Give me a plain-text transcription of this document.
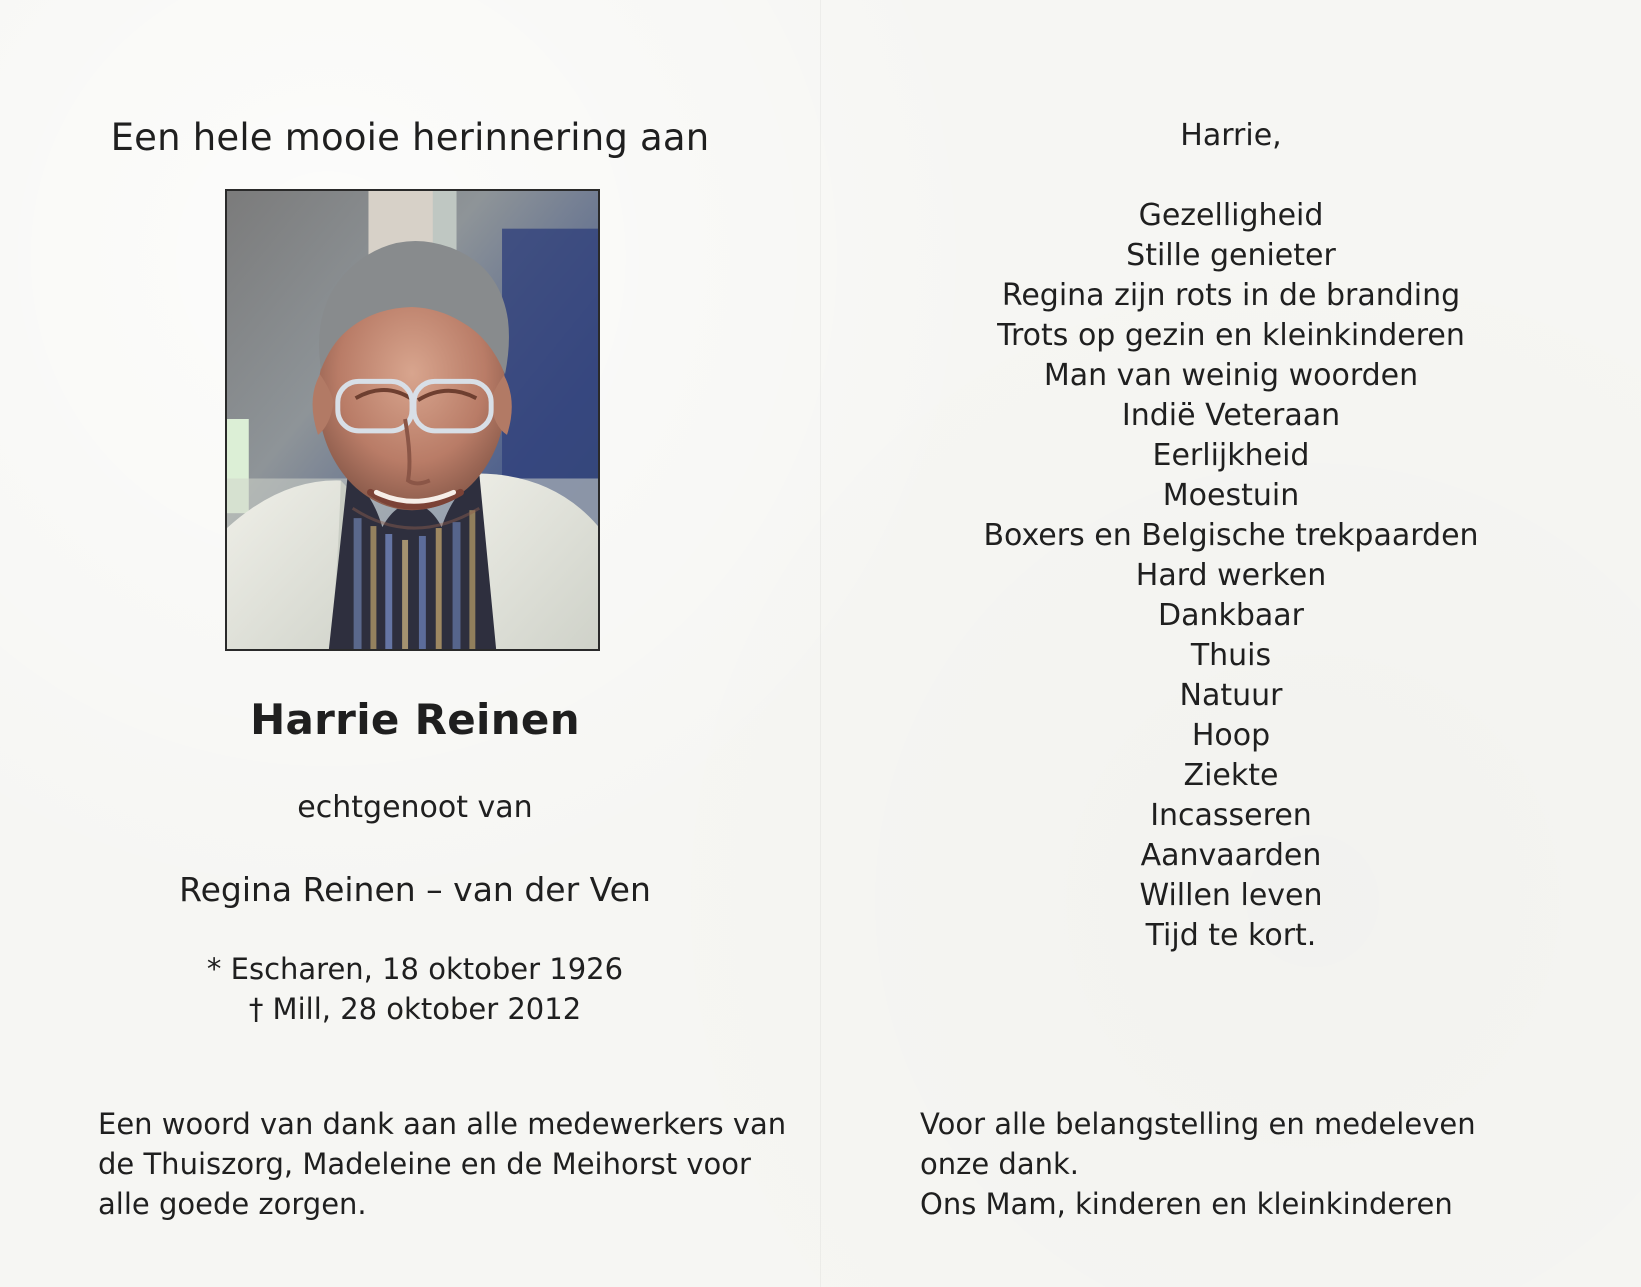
Een hele mooie herinnering aan
Harrie Reinen
echtgenoot van
Regina Reinen – van der Ven
* Escharen, 18 oktober 1926
† Mill, 28 oktober 2012
Een woord van dank aan alle medewerkers van
de Thuiszorg, Madeleine en de Meihorst voor
alle goede zorgen.
Harrie,
Gezelligheid
Stille genieter
Regina zijn rots in de branding
Trots op gezin en kleinkinderen
Man van weinig woorden
Indië Veteraan
Eerlijkheid
Moestuin
Boxers en Belgische trekpaarden
Hard werken
Dankbaar
Thuis
Natuur
Hoop
Ziekte
Incasseren
Aanvaarden
Willen leven
Tijd te kort.
Voor alle belangstelling en medeleven
onze dank.
Ons Mam, kinderen en kleinkinderen
